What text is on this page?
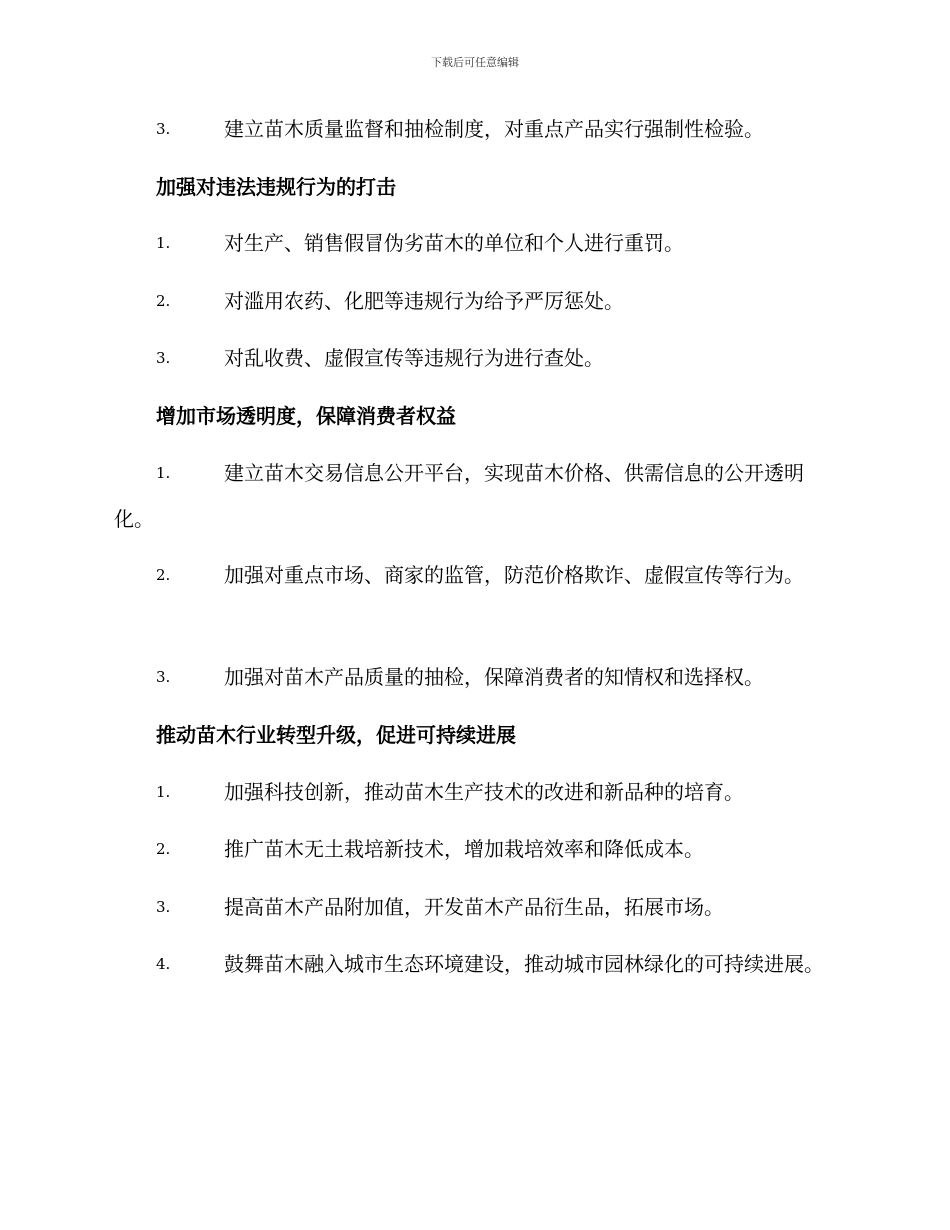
下载后可任意编辑
3.	建立苗木质量监督和抽检制度，对重点产品实行强制性检验。
加强对违法违规行为的打击
1.	对生产、销售假冒伪劣苗木的单位和个人进行重罚。
2.	对滥用农药、化肥等违规行为给予严厉惩处。
3.	对乱收费、虚假宣传等违规行为进行查处。
增加市场透明度，保障消费者权益
1.	建立苗木交易信息公开平台，实现苗木价格、供需信息的公开透明化。
2.	加强对重点市场、商家的监管，防范价格欺诈、虚假宣传等行为。
3.	加强对苗木产品质量的抽检，保障消费者的知情权和选择权。
推动苗木行业转型升级，促进可持续进展
1.	加强科技创新，推动苗木生产技术的改进和新品种的培育。
2.	推广苗木无土栽培新技术，增加栽培效率和降低成本。
3.	提高苗木产品附加值，开发苗木产品衍生品，拓展市场。
4.	鼓舞苗木融入城市生态环境建设，推动城市园林绿化的可持续进展。
